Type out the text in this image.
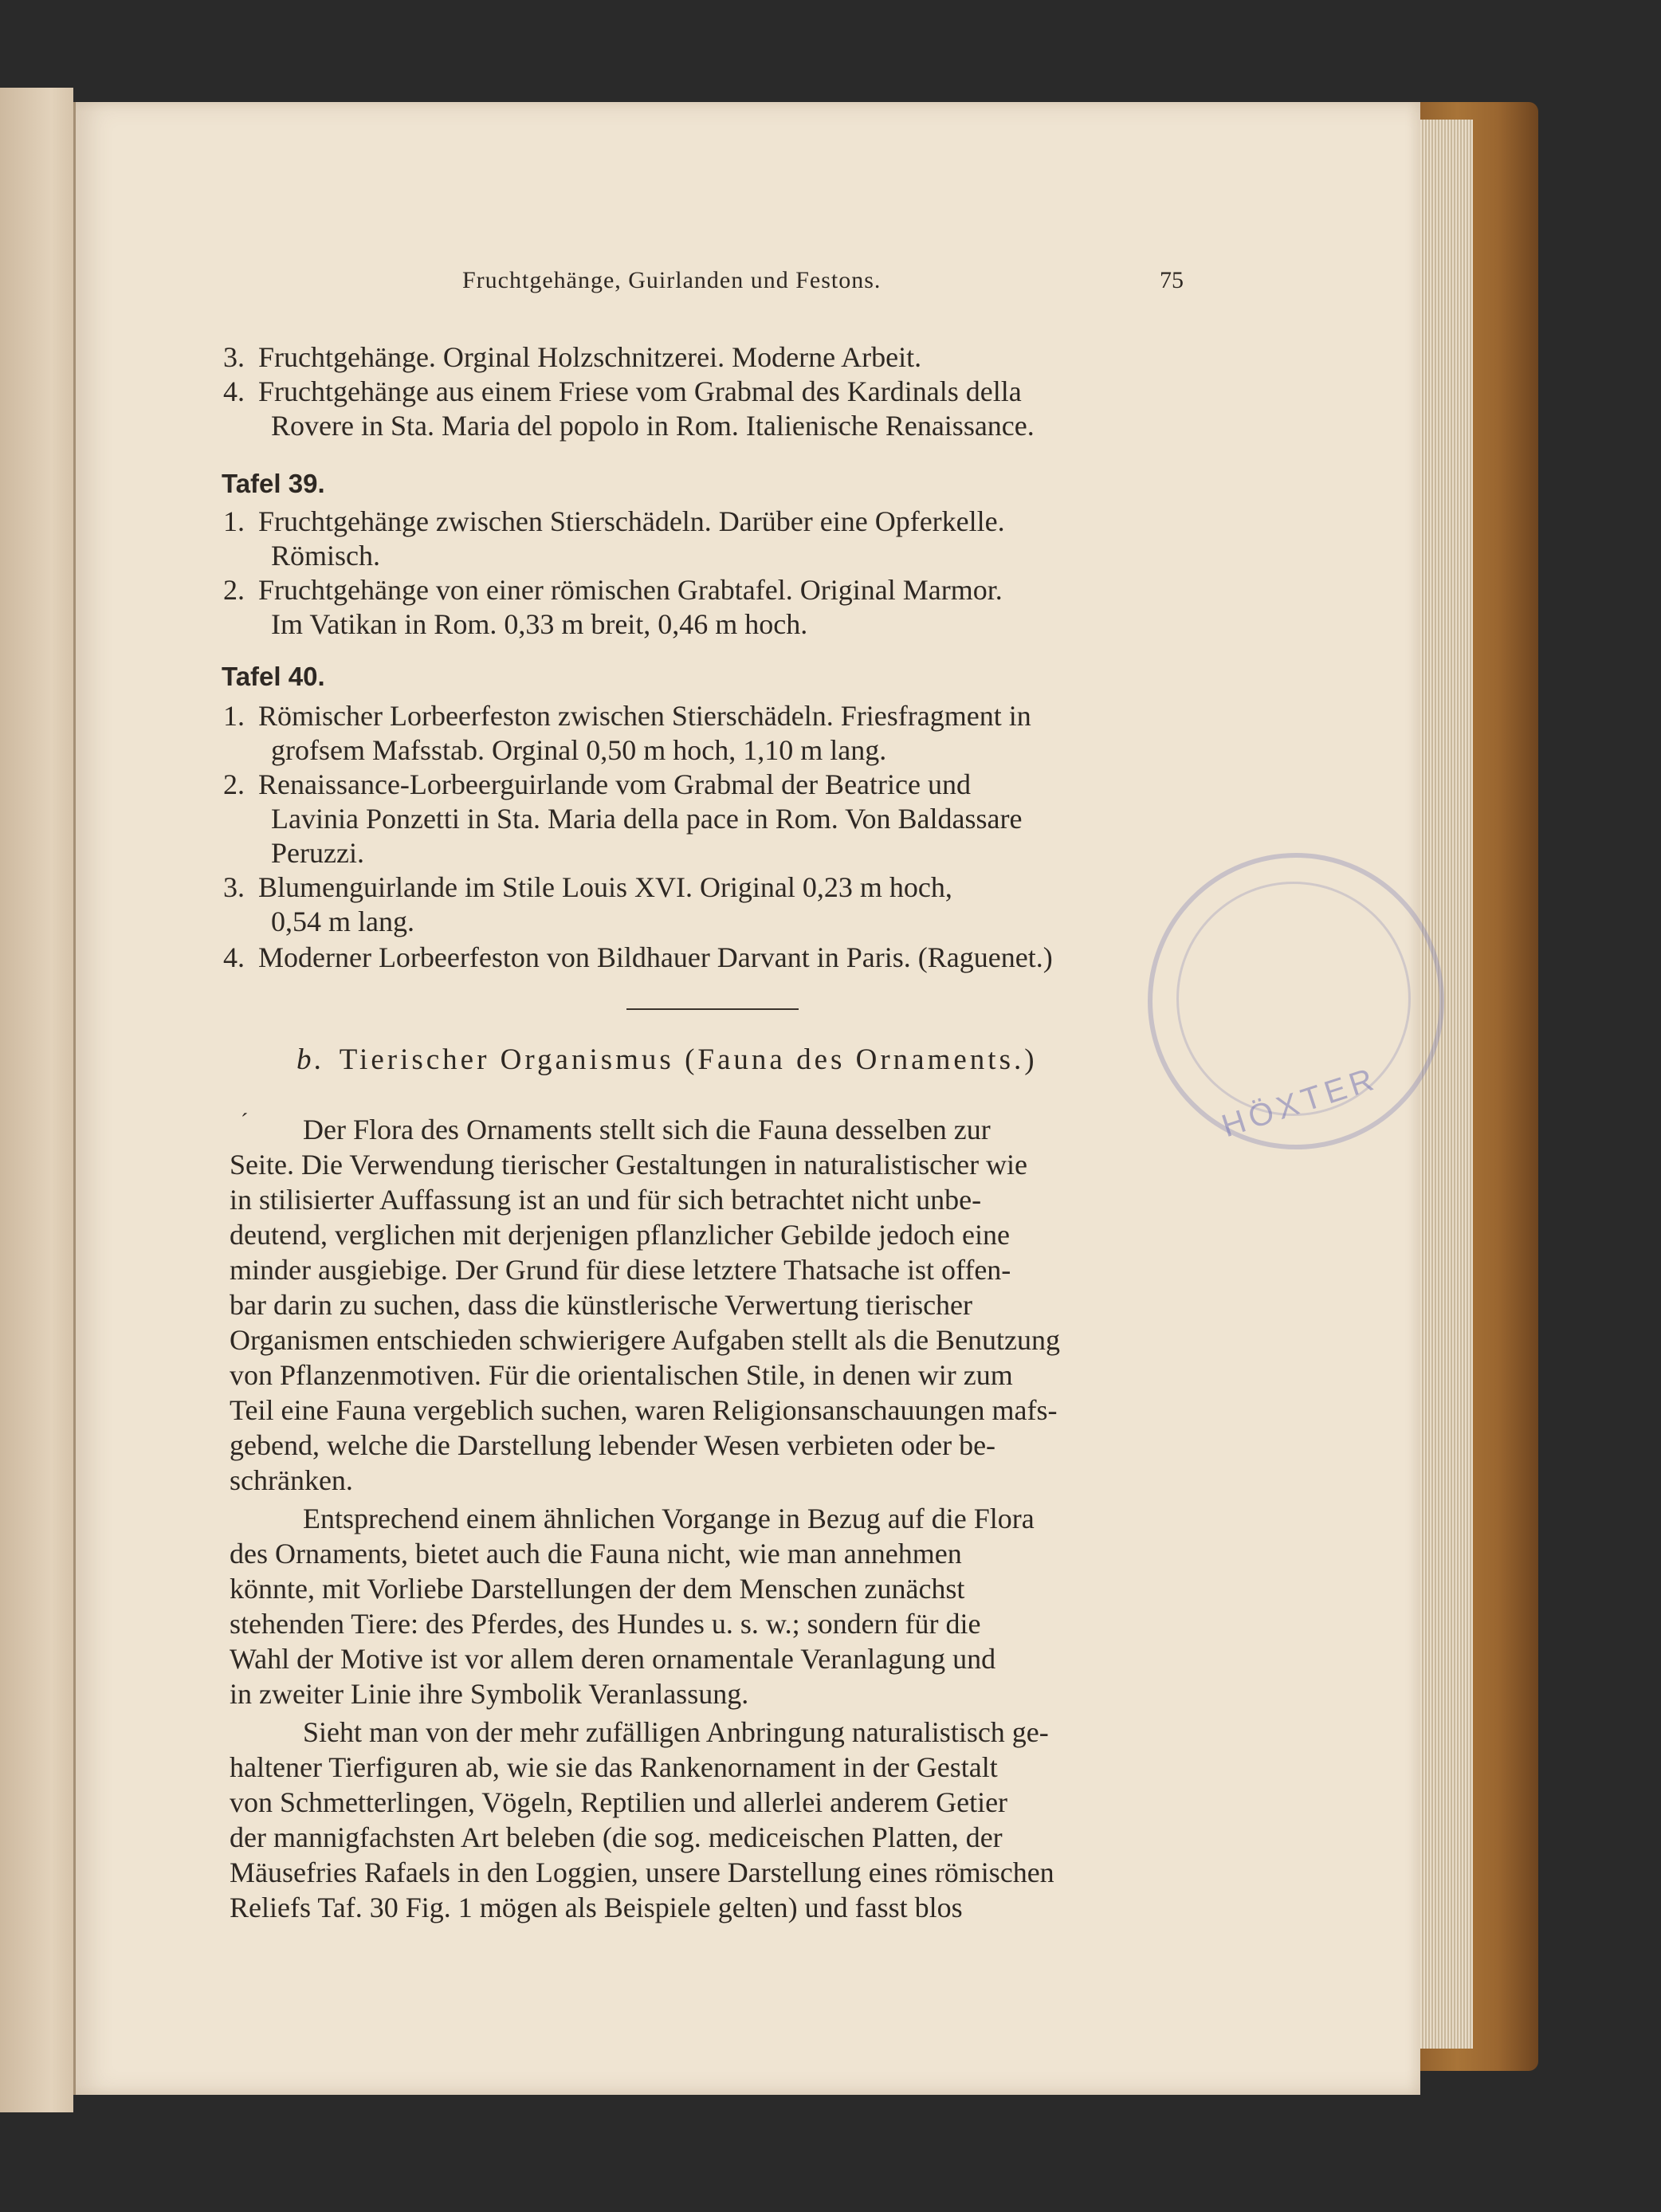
HÖXTER
Fruchtgehänge, Guirlanden und Festons.	75
3. Fruchtgehänge. Orginal Holzschnitzerei. Moderne Arbeit.
4. Fruchtgehänge aus einem Friese vom Grabmal des Kardinals della
Rovere in Sta. Maria del popolo in Rom. Italienische Renaissance.
Tafel 39.
1. Fruchtgehänge zwischen Stierschädeln. Darüber eine Opferkelle.
Römisch.
2. Fruchtgehänge von einer römischen Grabtafel. Original Marmor.
Im Vatikan in Rom. 0,33 m breit, 0,46 m hoch.
Tafel 40.
1. Römischer Lorbeerfeston zwischen Stierschädeln. Friesfragment in
grofsem Mafsstab. Orginal 0,50 m hoch, 1,10 m lang.
2. Renaissance-Lorbeerguirlande vom Grabmal der Beatrice und
Lavinia Ponzetti in Sta. Maria della pace in Rom. Von Baldassare
Peruzzi.
3. Blumenguirlande im Stile Louis XVI. Original 0,23 m hoch,
0,54 m lang.
4. Moderner Lorbeerfeston von Bildhauer Darvant in Paris. (Raguenet.)
b. Tierischer Organismus (Fauna des Ornaments.)
´ Der Flora des Ornaments stellt sich die Fauna desselben zur
Seite. Die Verwendung tierischer Gestaltungen in naturalistischer wie
in stilisierter Auffassung ist an und für sich betrachtet nicht unbe-
deutend, verglichen mit derjenigen pflanzlicher Gebilde jedoch eine
minder ausgiebige. Der Grund für diese letztere Thatsache ist offen-
bar darin zu suchen, dass die künstlerische Verwertung tierischer
Organismen entschieden schwierigere Aufgaben stellt als die Benutzung
von Pflanzenmotiven. Für die orientalischen Stile, in denen wir zum
Teil eine Fauna vergeblich suchen, waren Religionsanschauungen mafs-
gebend, welche die Darstellung lebender Wesen verbieten oder be-
schränken.
Entsprechend einem ähnlichen Vorgange in Bezug auf die Flora
des Ornaments, bietet auch die Fauna nicht, wie man annehmen
könnte, mit Vorliebe Darstellungen der dem Menschen zunächst
stehenden Tiere: des Pferdes, des Hundes u. s. w.; sondern für die
Wahl der Motive ist vor allem deren ornamentale Veranlagung und
in zweiter Linie ihre Symbolik Veranlassung.
Sieht man von der mehr zufälligen Anbringung naturalistisch ge-
haltener Tierfiguren ab, wie sie das Rankenornament in der Gestalt
von Schmetterlingen, Vögeln, Reptilien und allerlei anderem Getier
der mannigfachsten Art beleben (die sog. mediceischen Platten, der
Mäusefries Rafaels in den Loggien, unsere Darstellung eines römischen
Reliefs Taf. 30 Fig. 1 mögen als Beispiele gelten) und fasst blos
